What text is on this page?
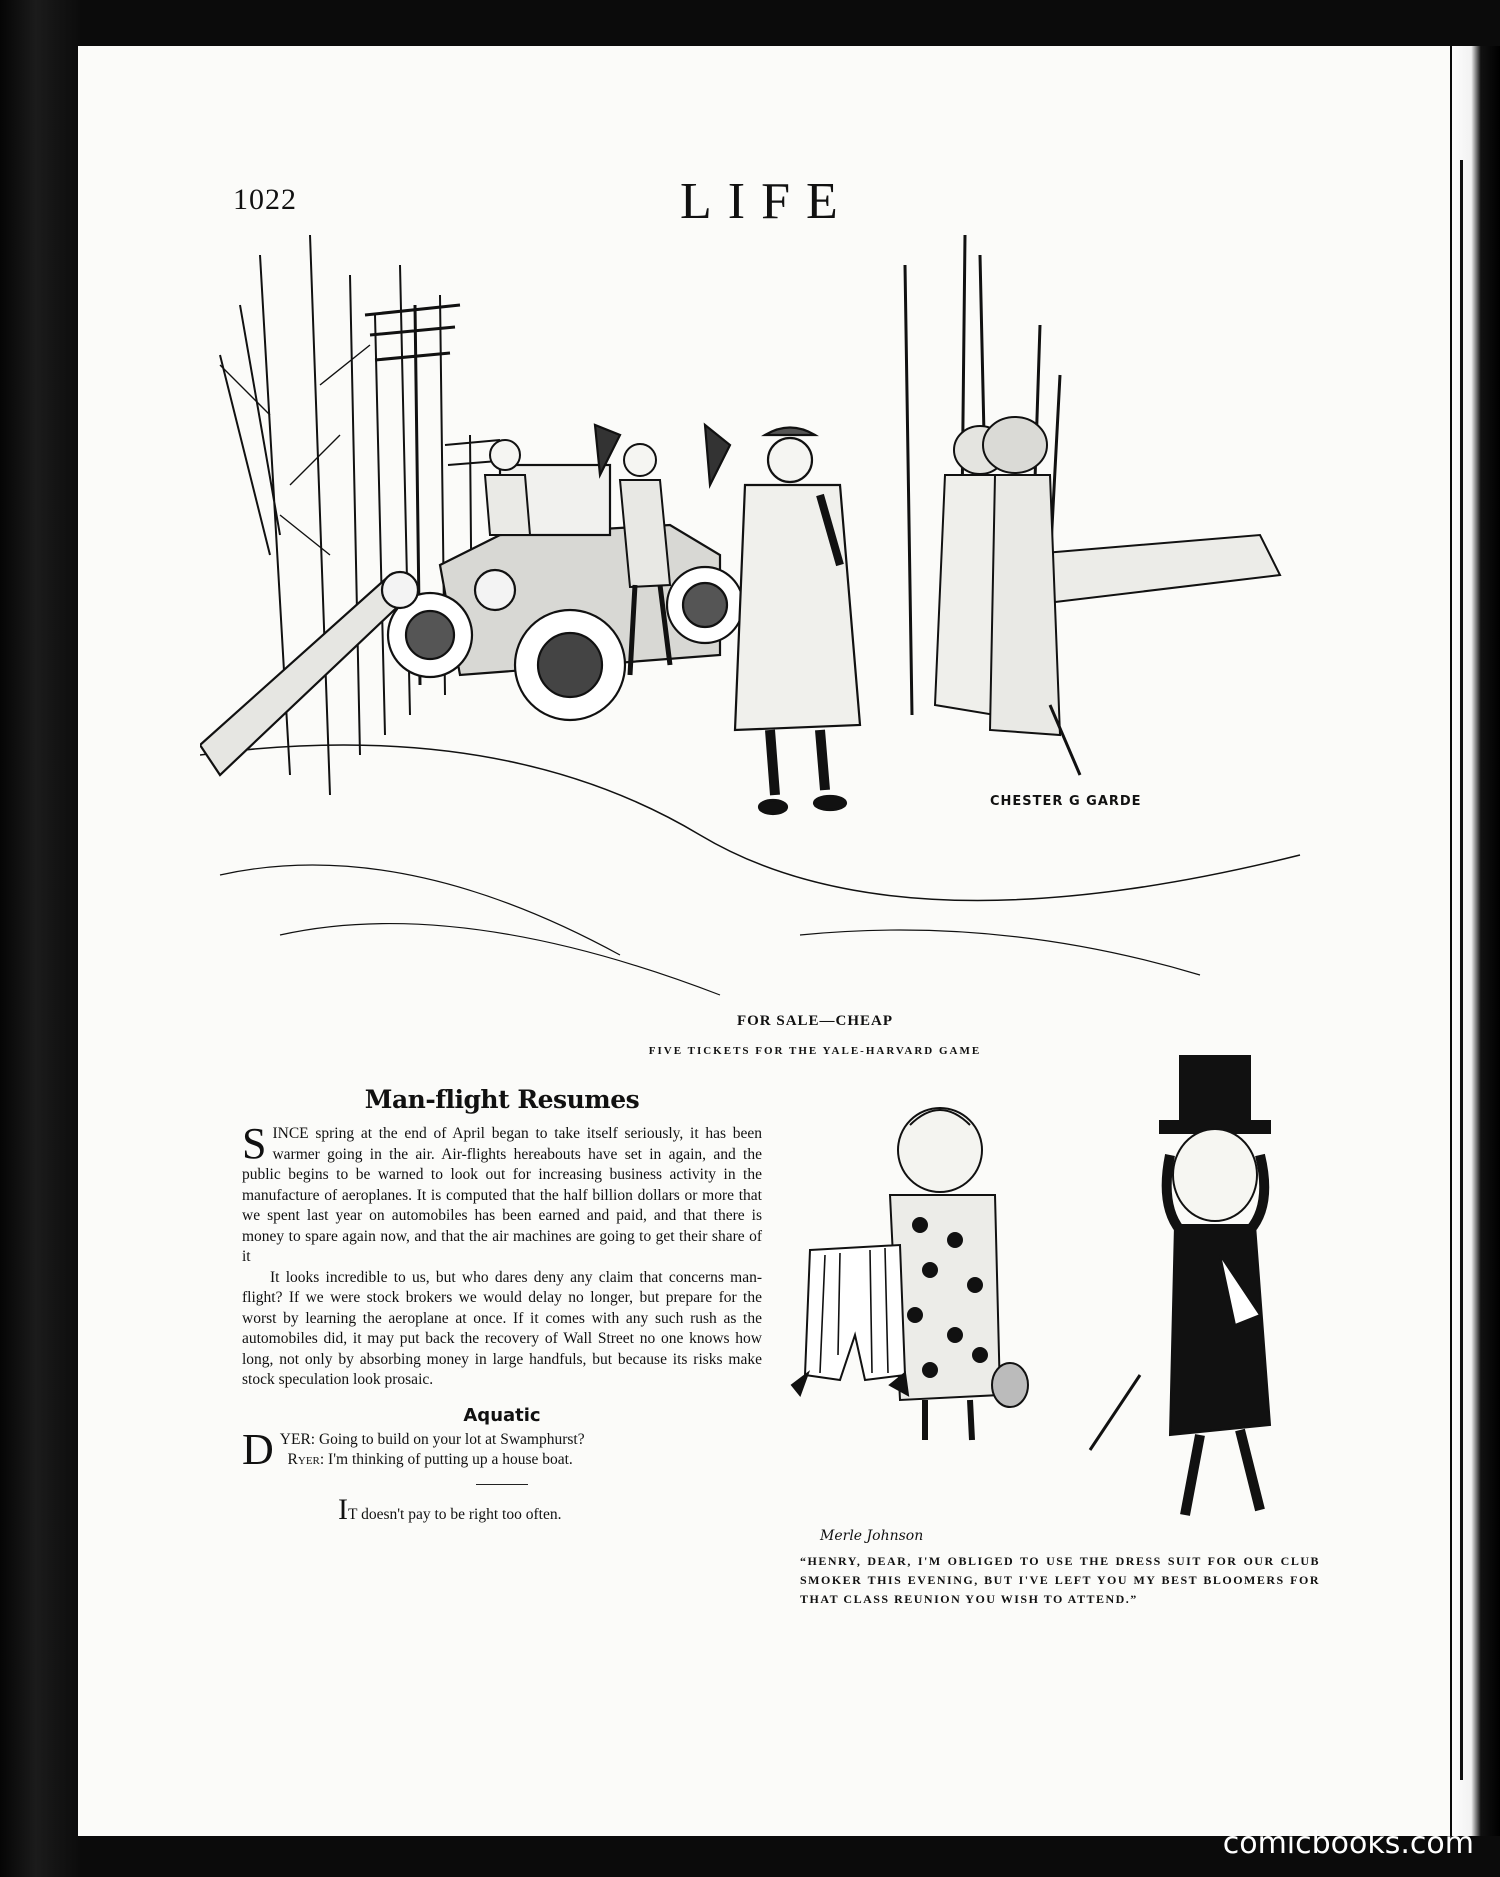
1022	LIFE
CHESTER G GARDE
FOR SALE—CHEAP
FIVE TICKETS FOR THE YALE-HARVARD GAME
Man-flight Resumes

SINCE spring at the end of April began to take itself seriously, it has been warmer going in the air. Air-flights hereabouts have set in again, and the public begins to be warned to look out for increasing business activity in the manufacture of aeroplanes. It is computed that the half billion dollars or more that we spent last year on automobiles has been earned and paid, and that there is money to spare again now, and that the air machines are going to get their share of it

It looks incredible to us, but who dares deny any claim that concerns man-flight? If we were stock brokers we would delay no longer, but prepare for the worst by learning the aeroplane at once. If it comes with any such rush as the automobiles did, it may put back the recovery of Wall Street no one knows how long, not only by absorbing money in large handfuls, but because its risks make stock speculation look prosaic.

Aquatic
D YER: Going to build on your lot at Swamphurst?
Ryer: I'm thinking of putting up a house boat.
IT doesn't pay to be right too often.
Merle Johnson
“HENRY, DEAR, I'M OBLIGED TO USE THE DRESS SUIT FOR OUR CLUB SMOKER THIS EVENING, BUT I'VE LEFT YOU MY BEST BLOOMERS FOR THAT CLASS REUNION YOU WISH TO ATTEND.”
comicbooks.com
